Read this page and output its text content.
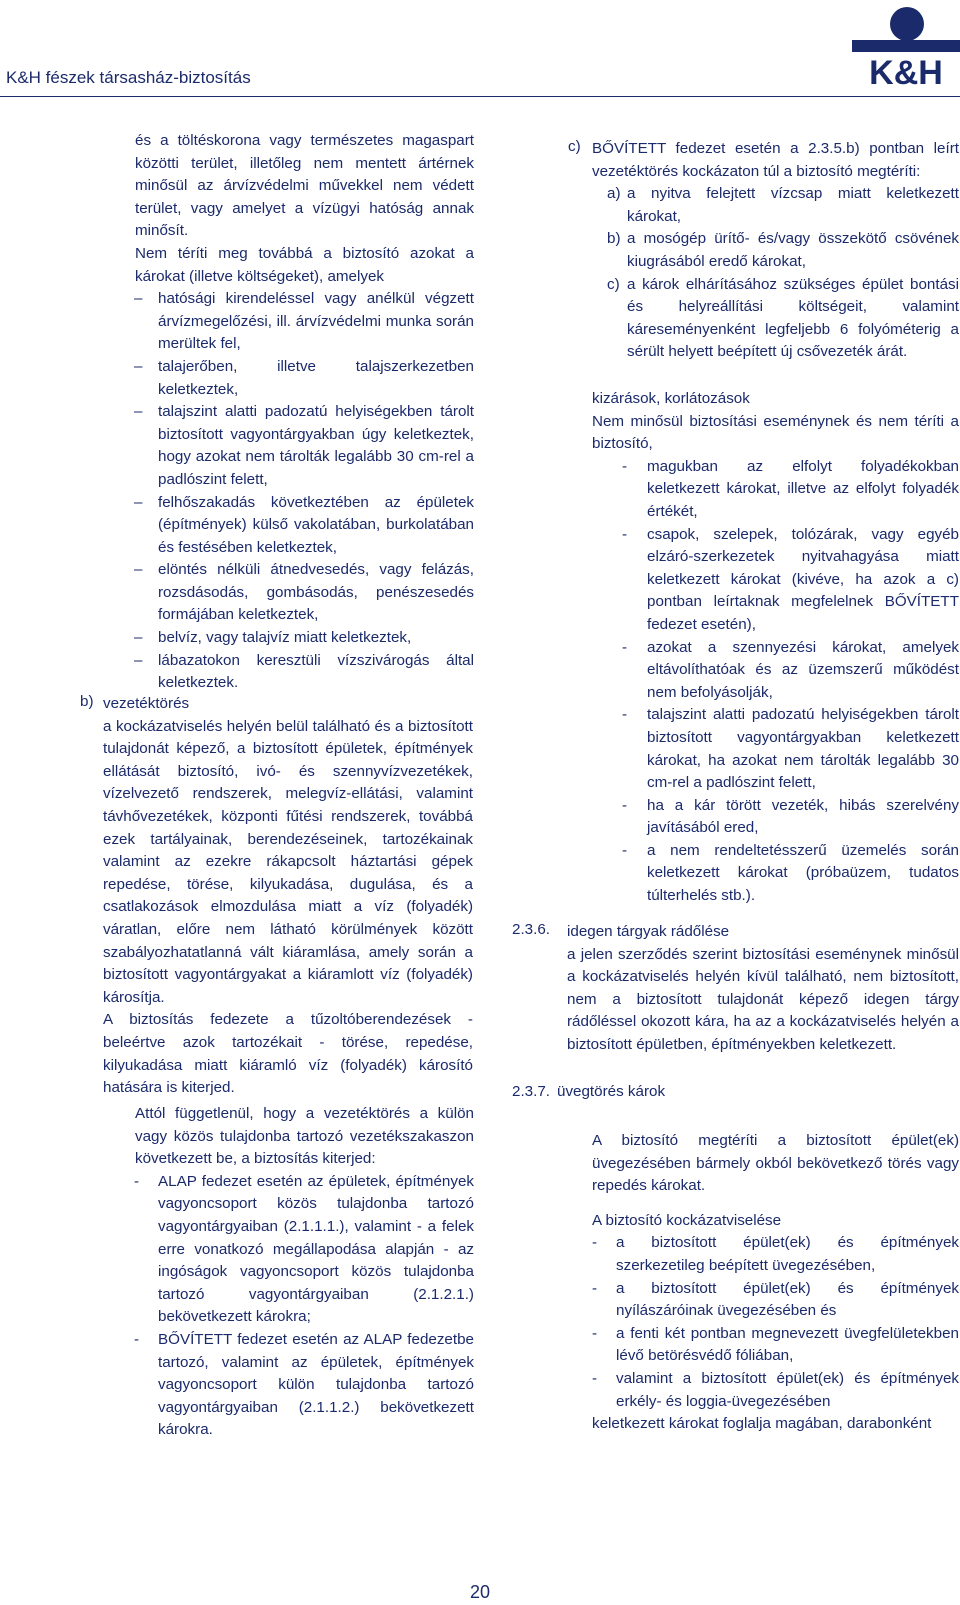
K&H fészek társasház-biztosítás	K&H

és a töltéskorona vagy természetes magaspart közötti terület, illetőleg nem mentett ártérnek minősül az árvízvédelmi művekkel nem védett terület, vagy amelyet a vízügyi hatóság annak minősít.

Nem téríti meg továbbá a biztosító azokat a károkat (illetve költségeket), amelyek

– hatósági kirendeléssel vagy anélkül végzett árvízmegelőzési, ill. árvízvédelmi munka során merültek fel,
– talajerőben, illetve talajszerkezetben keletkeztek,
– talajszint alatti padozatú helyiségekben tárolt biztosított vagyontárgyakban úgy keletkeztek, hogy azokat nem tárolták legalább 30 cm-rel a padlószint felett,
– felhőszakadás következtében az épületek (építmények) külső vakolatában, burkolatában és festésében keletkeztek,
– elöntés nélküli átnedvesedés, vagy felázás, rozsdásodás, gombásodás, penészesedés formájában keletkeztek,
– belvíz, vagy talajvíz miatt keletkeztek,
– lábazatokon keresztüli vízszivárogás által keletkeztek.
b) vezetéktörés

a kockázatviselés helyén belül található és a biztosított tulajdonát képező, a biztosított épületek, építmények ellátását biztosító, ivó- és szennyvízvezetékek, vízelvezető rendszerek, melegvíz-ellátási, valamint távhővezetékek, központi fűtési rendszerek, továbbá ezek tartályainak, berendezéseinek, tartozékainak valamint az ezekre rákapcsolt háztartási gépek repedése, törése, kilyukadása, dugulása, és a csatlakozások elmozdulása miatt a víz (folyadék) váratlan, előre nem látható körülmények között szabályozhatatlanná vált kiáramlása, amely során a biztosított vagyontárgyakat a kiáramlott víz (folyadék) károsítja.

A biztosítás fedezete a tűzoltóberendezések - beleértve azok tartozékait - törése, repedése, kilyukadása miatt kiáramló víz (folyadék) károsító hatására is kiterjed.

Attól függetlenül, hogy a vezetéktörés a külön vagy közös tulajdonba tartozó vezetékszakaszon következett be, a biztosítás kiterjed:

- ALAP fedezet esetén az épületek, építmények vagyoncsoport közös tulajdonba tartozó vagyontárgyaiban (2.1.1.1.), valamint - a felek erre vonatkozó megállapodása alapján - az ingóságok vagyoncsoport közös tulajdonba tartozó vagyontárgyaiban (2.1.2.1.) bekövetkezett károkra;
- BŐVÍTETT fedezet esetén az ALAP fedezetbe tartozó, valamint az épületek, építmények vagyoncsoport külön tulajdonba tartozó vagyontárgyaiban (2.1.1.2.) bekövetkezett károkra.
c) BŐVÍTETT fedezet esetén a 2.3.5.b) pontban leírt vezetéktörés kockázaton túl a biztosító megtéríti:

a) a nyitva felejtett vízcsap miatt keletkezett károkat,
b) a mosógép ürítő- és/vagy összekötő csövének kiugrásából eredő károkat,
c) a károk elhárításához szükséges épület bontási és helyreállítási költségeit, valamint káreseményenként legfeljebb 6 folyóméterig a sérült helyett beépített új csővezeték árát.

kizárások, korlátozások

Nem minősül biztosítási eseménynek és nem téríti a biztosító,

- magukban az elfolyt folyadékokban keletkezett károkat, illetve az elfolyt folyadék értékét,
- csapok, szelepek, tolózárak, vagy egyéb elzáró-szerkezetek nyitvahagyása miatt keletkezett károkat (kivéve, ha azok a c) pontban leírtaknak megfelelnek BŐVÍTETT fedezet esetén),
- azokat a szennyezési károkat, amelyek eltávolíthatóak és az üzemszerű működést nem befolyásolják,
- talajszint alatti padozatú helyiségekben tárolt biztosított vagyontárgyakban keletkezett károkat, ha azokat nem tárolták legalább 30 cm-rel a padlószint felett,
- ha a kár törött vezeték, hibás szerelvény javításából ered,
- a nem rendeltetésszerű üzemelés során keletkezett károkat (próbaüzem, tudatos túlterhelés stb.).
2.3.6. idegen tárgyak rádőlése

a jelen szerződés szerint biztosítási eseménynek minősül a kockázatviselés helyén kívül található, nem biztosított, nem a biztosított tulajdonát képező idegen tárgy rádőléssel okozott kára, ha az a kockázatviselés helyén a biztosított épületben, építményekben keletkezett.

2.3.7. üvegtörés károk

A biztosító megtéríti a biztosított épület(ek) üvegezésében bármely okból bekövetkező törés vagy repedés károkat.

A biztosító kockázatviselése

- a biztosított épület(ek) és építmények szerkezetileg beépített üvegezésében,
- a biztosított épület(ek) és építmények nyílászáróinak üvegezésében és
- a fenti két pontban megnevezett üvegfelületekben lévő betörésvédő fóliában,
- valamint a biztosított épület(ek) és építmények erkély- és loggia-üvegezésében

keletkezett károkat foglalja magában, darabonként

20
